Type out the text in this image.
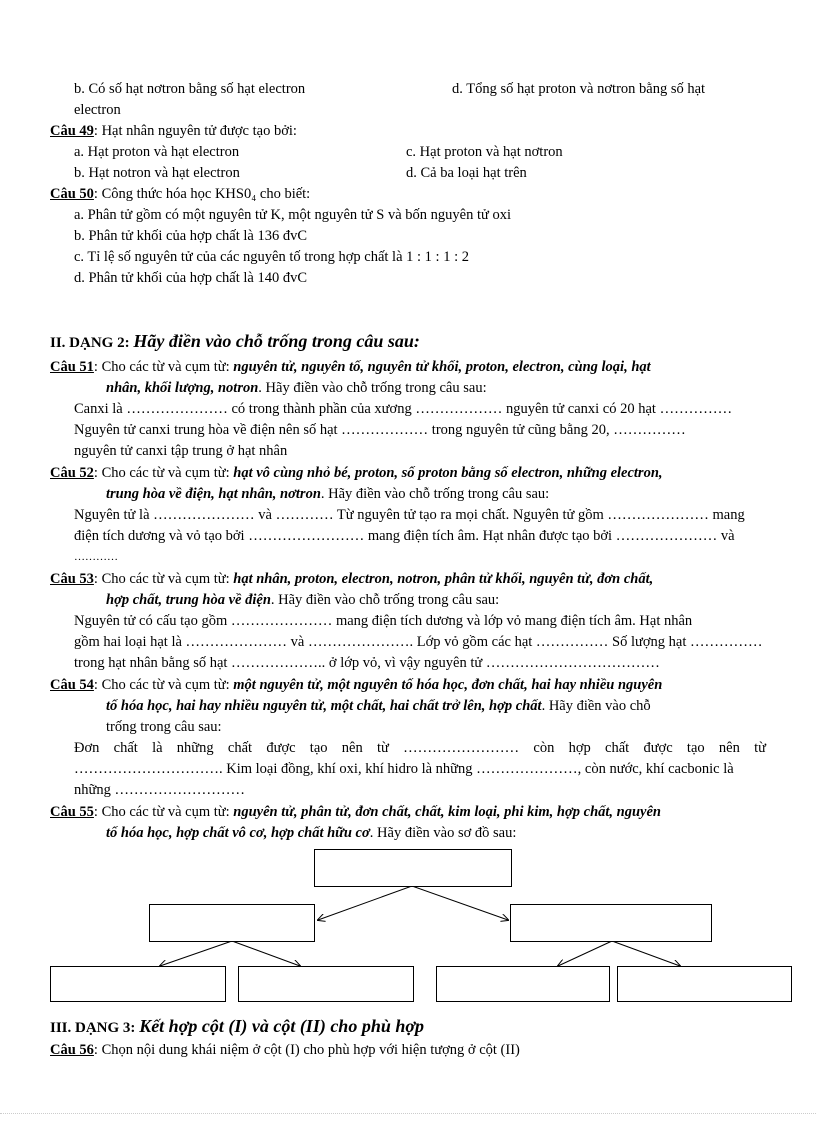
b. Có số hạt nơtron bằng số hạt electron	d. Tổng số hạt proton và nơtron bằng số hạt
electron
Câu 49: Hạt nhân nguyên tử được tạo bởi:
a. Hạt proton và hạt electron	c. Hạt proton và hạt nơtron
b. Hạt notron và hạt electron	d. Cả ba loại hạt trên
Câu 50: Công thức hóa học KHS0₄ cho biết:
a. Phân tử gồm có một nguyên tử K, một nguyên tử S và bốn nguyên tử oxi
b. Phân tử khối của hợp chất là 136 đvC
c. Tỉ lệ số nguyên tử của các nguyên tố trong hợp chất là 1 : 1 : 1 : 2
d. Phân tử khối của hợp chất là 140 đvC
II. DẠNG 2: Hãy điền vào chỗ trống trong câu sau:
Câu 51: Cho các từ và cụm từ: nguyên tử, nguyên tố, nguyên tử khối, proton, electron, cùng loại, hạt
nhân, khối lượng, notron. Hãy điền vào chỗ trống trong câu sau:
Canxi là ………………… có trong thành phần của xương ……………… nguyên tử canxi có 20 hạt ……………
Nguyên tử canxi trung hòa về điện nên số hạt ……………… trong nguyên tử cũng bằng 20, ……………
nguyên tử canxi tập trung ở hạt nhân
Câu 52: Cho các từ và cụm từ: hạt vô cùng nhỏ bé, proton, số proton bằng số electron, những electron,
trung hòa về điện, hạt nhân, nơtron. Hãy điền vào chỗ trống trong câu sau:
Nguyên tử là ………………… và ………… Từ nguyên tử tạo ra mọi chất. Nguyên tử gồm ………………… mang
điện tích dương và vỏ tạo bởi …………………… mang điện tích âm. Hạt nhân được tạo bởi ………………… và
…………
Câu 53: Cho các từ và cụm từ: hạt nhân, proton, electron, notron, phân tử khối, nguyên tử, đơn chất,
hợp chất, trung hòa về điện. Hãy điền vào chỗ trống trong câu sau:
Nguyên tử có cấu tạo gồm ………………… mang điện tích dương và lớp vỏ mang điện tích âm. Hạt nhân
gồm hai loại hạt là ………………… và …………………. Lớp vỏ gồm các hạt …………… Số lượng hạt ……………
trong hạt nhân bằng số hạt ……………….. ở lớp vỏ, vì vậy nguyên tử ………………………………
Câu 54: Cho các từ và cụm từ: một nguyên tử, một nguyên tố hóa học, đơn chất, hai hay nhiều nguyên
tố hóa học, hai hay nhiều nguyên tử, một chất, hai chất trở lên, hợp chất. Hãy điền vào chỗ
trống trong câu sau:
Đơn chất là những chất được tạo nên từ …………………… còn hợp chất được tạo nên từ
…………………………. Kim loại đồng, khí oxi, khí hidro là những …………………, còn nước, khí cacbonic là
những ………………………
Câu 55: Cho các từ và cụm từ: nguyên tử, phân tử, đơn chất, chất, kim loại, phi kim, hợp chất, nguyên
tố hóa học, hợp chất vô cơ, hợp chất hữu cơ. Hãy điền vào sơ đồ sau:
III. DẠNG 3: Kết hợp cột (I) và cột (II) cho phù hợp
Câu 56: Chọn nội dung khái niệm ở cột (I) cho phù hợp với hiện tượng ở cột (II)
